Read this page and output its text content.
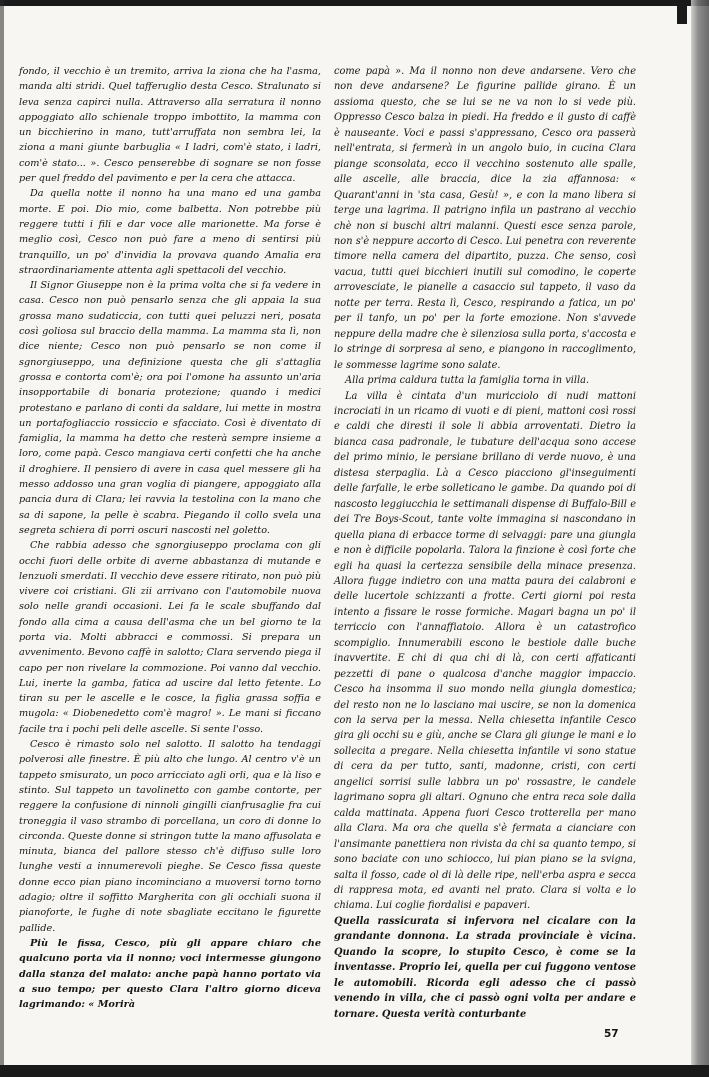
fondo, il vecchio è un tremito, arriva la ziona che ha l'asma, manda alti stridi. Quel tafferuglio desta Cesco. Stralunato si leva senza capirci nulla. Attraverso alla serratura il nonno appoggiato allo schienale troppo imbottito, la mamma con un bicchierino in mano, tutt'arruffata non sembra lei, la ziona a mani giunte barbuglia « I ladri, com'è stato, i ladri, com'è stato... ». Cesco penserebbe di sognare se non fosse per quel freddo del pavimento e per la cera che attacca.

Da quella notte il nonno ha una mano ed una gamba morte. E poi. Dio mio, come balbetta. Non potrebbe più reggere tutti i fili e dar voce alle marionette. Ma forse è meglio così, Cesco non può fare a meno di sentirsi più tranquillo, un po' d'invidia la provava quando Amalia era straordinariamente attenta agli spettacoli del vecchio.

Il Signor Giuseppe non è la prima volta che si fa vedere in casa. Cesco non può pensarlo senza che gli appaia la sua grossa mano sudaticcia, con tutti quei peluzzi neri, posata così goliosa sul braccio della mamma. La mamma sta lì, non dice niente; Cesco non può pensarlo se non come il sgnorgiuseppo, una definizione questa che gli s'attaglia grossa e contorta com'è; ora poi l'omone ha assunto un'aria insopportabile di bonaria protezione; quando i medici protestano e parlano di conti da saldare, lui mette in mostra un portafogliaccio rossiccio e sfacciato. Così è diventato di famiglia, la mamma ha detto che resterà sempre insieme a loro, come papà. Cesco mangiava certi confetti che ha anche il droghiere. Il pensiero di avere in casa quel messere gli ha messo addosso una gran voglia di piangere, appoggiato alla pancia dura di Clara; lei ravvia la testolina con la mano che sa di sapone, la pelle è scabra. Piegando il collo svela una segreta schiera di porri oscuri nascosti nel goletto.

Che rabbia adesso che sgnorgiuseppo proclama con gli occhi fuori delle orbite di averne abbastanza di mutande e lenzuoli smerdati. Il vecchio deve essere ritirato, non può più vivere coi cristiani. Gli zii arrivano con l'automobile nuova solo nelle grandi occasioni. Lei fa le scale sbuffando dal fondo alla cima a causa dell'asma che un bel giorno te la porta via. Molti abbracci e commossi. Si prepara un avvenimento. Bevono caffè in salotto; Clara servendo piega il capo per non rivelare la commozione. Poi vanno dal vecchio. Lui, inerte la gamba, fatica ad uscire dal letto fetente. Lo tiran su per le ascelle e le cosce, la figlia grassa soffia e mugola: « Diobenedetto com'è magro! ». Le mani si ficcano facile tra i pochi peli delle ascelle. Si sente l'osso.

Cesco è rimasto solo nel salotto. Il salotto ha tendaggi polverosi alle finestre. È più alto che lungo. Al centro v'è un tappeto smisurato, un poco arricciato agli orli, qua e là liso e stinto. Sul tappeto un tavolinetto con gambe contorte, per reggere la confusione di ninnoli gingilli cianfrusaglie fra cui troneggia il vaso strambo di porcellana, un coro di donne lo circonda. Queste donne si stringon tutte la mano affusolata e minuta, bianca del pallore stesso ch'è diffuso sulle loro lunghe vesti a innumerevoli pieghe. Se Cesco fissa queste donne ecco pian piano incominciano a muoversi torno torno adagio; oltre il soffitto Margherita con gli occhiali suona il pianoforte, le fughe di note sbagliate eccitano le figurette pallide.

Più le fissa, Cesco, più gli appare chiaro che qualcuno porta via il nonno; voci intermesse giungono dalla stanza del malato: anche papà hanno portato via a suo tempo; per questo Clara l'altro giorno diceva lagrimando: « Morirà

come papà ». Ma il nonno non deve andarsene. Vero che non deve andarsene? Le figurine pallide girano. È un assioma questo, che se lui se ne va non lo si vede più. Oppresso Cesco balza in piedi. Ha freddo e il gusto di caffè è nauseante. Voci e passi s'appressano, Cesco ora passerà nell'entrata, si fermerà in un angolo buio, in cucina Clara piange sconsolata, ecco il vecchino sostenuto alle spalle, alle ascelle, alle braccia, dice la zia affannosa: « Quarant'anni in 'sta casa, Gesù! », e con la mano libera si terge una lagrima. Il patrigno infila un pastrano al vecchio chè non si buschi altri malanni. Questi esce senza parole, non s'è neppure accorto di Cesco. Lui penetra con reverente timore nella camera del dipartito, puzza. Che senso, così vacua, tutti quei bicchieri inutili sul comodino, le coperte arrovesciate, le pianelle a casaccio sul tappeto, il vaso da notte per terra. Resta lì, Cesco, respirando a fatica, un po' per il tanfo, un po' per la forte emozione. Non s'avvede neppure della madre che è silenziosa sulla porta, s'accosta e lo stringe di sorpresa al seno, e piangono in raccoglimento, le sommesse lagrime sono salate.

Alla prima caldura tutta la famiglia torna in villa.

La villa è cintata d'un muricciolo di nudi mattoni incrociati in un ricamo di vuoti e di pieni, mattoni così rossi e caldi che diresti il sole li abbia arroventati. Dietro la bianca casa padronale, le tubature dell'acqua sono accese del primo minio, le persiane brillano di verde nuovo, è una distesa sterpaglia. Là a Cesco piacciono gl'inseguimenti delle farfalle, le erbe solleticano le gambe. Da quando poi di nascosto leggiucchia le settimanali dispense di Buffalo-Bill e dei Tre Boys-Scout, tante volte immagina si nascondano in quella piana di erbacce torme di selvaggi: pare una giungla e non è difficile popolarla. Talora la finzione è così forte che egli ha quasi la certezza sensibile della minace presenza. Allora fugge indietro con una matta paura dei calabroni e delle lucertole schizzanti a frotte. Certi giorni poi resta intento a fissare le rosse formiche. Magari bagna un po' il terriccio con l'annaffiatoio. Allora è un catastrofico scompiglio. Innumerabili escono le bestiole dalle buche inavvertite. E chi di qua chi di là, con certi affaticanti pezzetti di pane o qualcosa d'anche maggior impaccio. Cesco ha insomma il suo mondo nella giungla domestica; del resto non ne lo lasciano mai uscire, se non la domenica con la serva per la messa. Nella chiesetta infantile Cesco gira gli occhi su e giù, anche se Clara gli giunge le mani e lo sollecita a pregare. Nella chiesetta infantile vi sono statue di cera da per tutto, santi, madonne, cristi, con certi angelici sorrisi sulle labbra un po' rossastre, le candele lagrimano sopra gli altari. Ognuno che entra reca sole dalla calda mattinata. Appena fuori Cesco trotterella per mano alla Clara. Ma ora che quella s'è fermata a cianciare con l'ansimante panettiera non rivista da chi sa quanto tempo, si sono baciate con uno schiocco, lui pian piano se la svigna, salta il fosso, cade ol di là delle ripe, nell'erba aspra e secca di rappresa mota, ed avanti nel prato. Clara si volta e lo chiama. Lui coglie fiordalisi e papaveri.

Quella rassicurata si infervora nel cicalare con la grandante donnona. La strada provinciale è vicina. Quando la scopre, lo stupito Cesco, è come se la inventasse. Proprio lei, quella per cui fuggono ventose le automobili. Ricorda egli adesso che ci passò venendo in villa, che ci passò ogni volta per andare e tornare. Questa verità conturbante

57
